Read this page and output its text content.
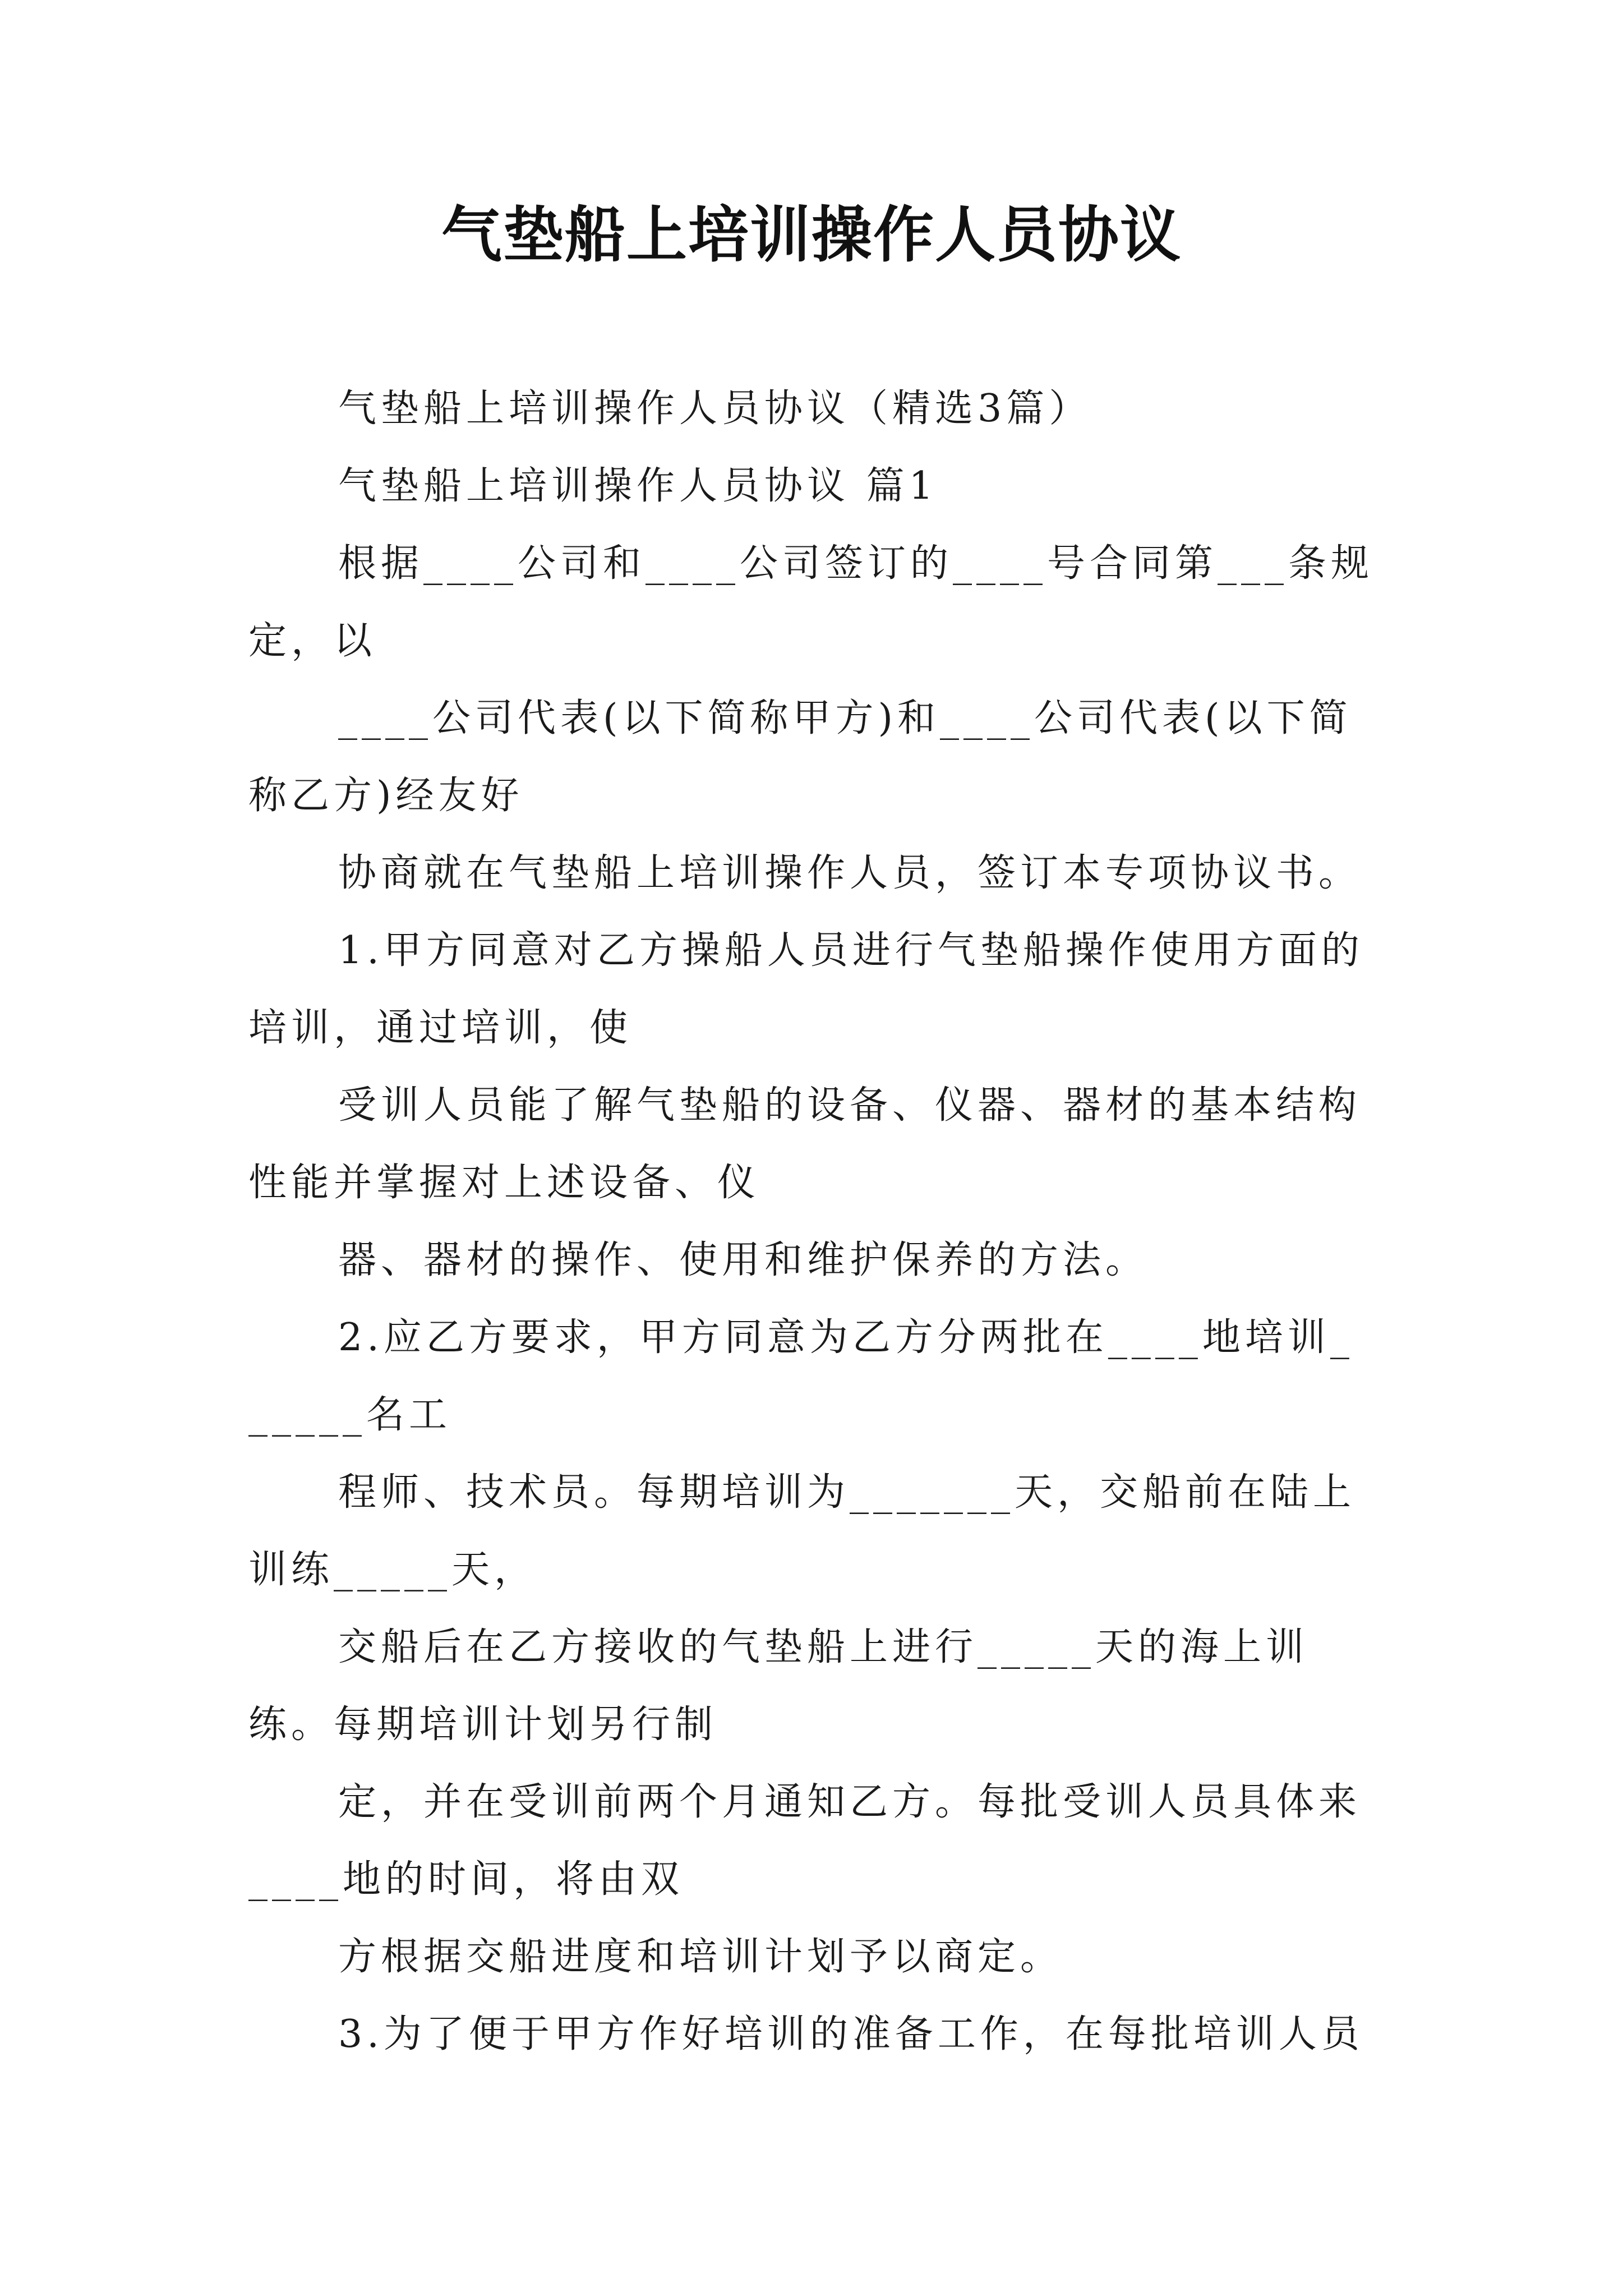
气垫船上培训操作人员协议

气垫船上培训操作人员协议（精选3篇）

气垫船上培训操作人员协议 篇1

根据____公司和____公司签订的____号合同第___条规定，以

____公司代表(以下简称甲方)和____公司代表(以下简称乙方)经友好

协商就在气垫船上培训操作人员，签订本专项协议书。

1.甲方同意对乙方操船人员进行气垫船操作使用方面的培训，通过培训，使

受训人员能了解气垫船的设备、仪器、器材的基本结构性能并掌握对上述设备、仪

器、器材的操作、使用和维护保养的方法。

2.应乙方要求，甲方同意为乙方分两批在____地培训______名工

程师、技术员。每期培训为_______天，交船前在陆上训练_____天，

交船后在乙方接收的气垫船上进行_____天的海上训练。每期培训计划另行制

定，并在受训前两个月通知乙方。每批受训人员具体来____地的时间，将由双

方根据交船进度和培训计划予以商定。

3.为了便于甲方作好培训的准备工作，在每批培训人员
